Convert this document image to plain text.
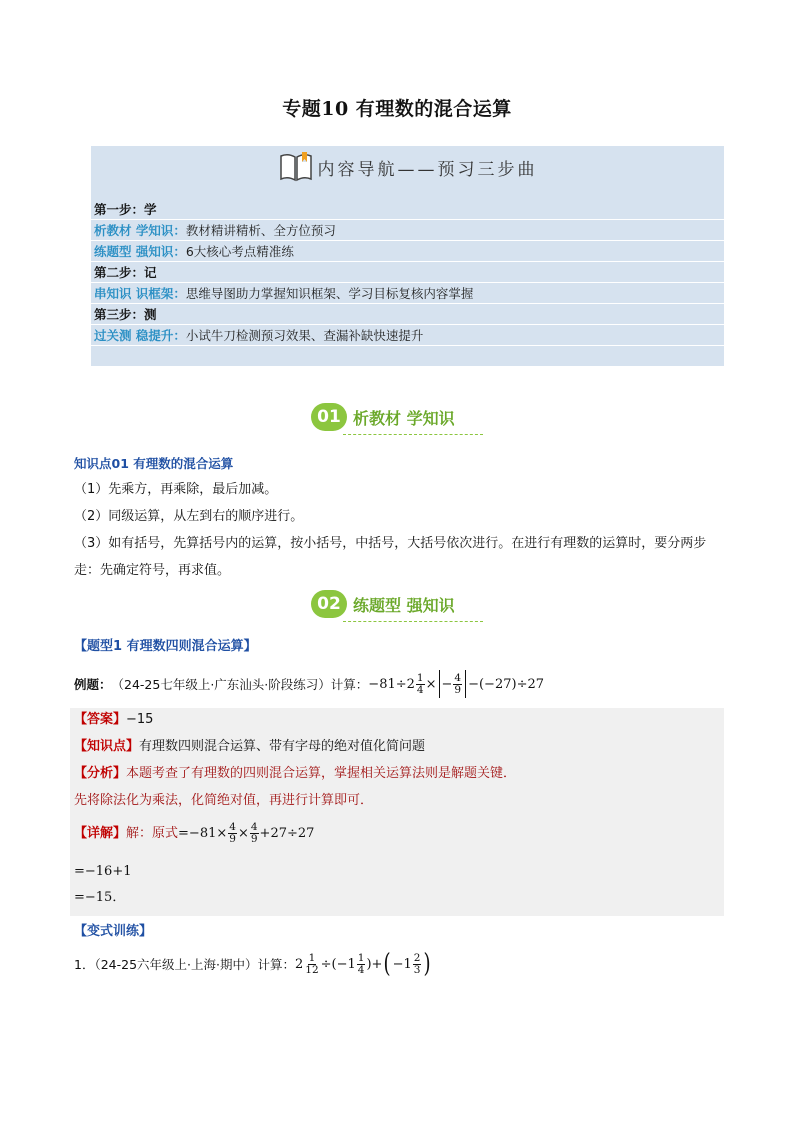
专题10 有理数的混合运算
内容导航——预习三步曲
第一步：学
析教材 学知识：教材精讲精析、全方位预习
练题型 强知识：6大核心考点精准练
第二步：记
串知识 识框架：思维导图助力掌握知识框架、学习目标复核内容掌握
第三步：测
过关测 稳提升：小试牛刀检测预习效果、查漏补缺快速提升
01 析教材 学知识
知识点01 有理数的混合运算
（1）先乘方，再乘除，最后加减。
（2）同级运算，从左到右的顺序进行。
（3）如有括号，先算括号内的运算，按小括号，中括号，大括号依次进行。在进行有理数的运算时，要分两步
走：先确定符号，再求值。
02 练题型 强知识
【题型1 有理数四则混合运算】
例题： （24-25七年级上·广东汕头·阶段练习）计算： $-81\div 2 \frac{1}{4}$ × − $\frac{4}{9} -(-27)\div 27$
【答案】−15
【知识点】有理数四则混合运算、带有字母的绝对值化简问题
【分析】本题考查了有理数的四则混合运算，掌握相关运算法则是解题关键．
先将除法化为乘法，化简绝对值，再进行计算即可．
【详解】 解：原式 $=-81\times \frac{4}{9} \times \frac{4}{9} +27\div 27$
=−16+1
=−15．
【变式训练】
1．（24-25六年级上·上海·期中）计算： $2 \frac{1}{12} \div(-1 \frac{1}{4}$ )+ ( $-1 \frac{2}{3}$ )
